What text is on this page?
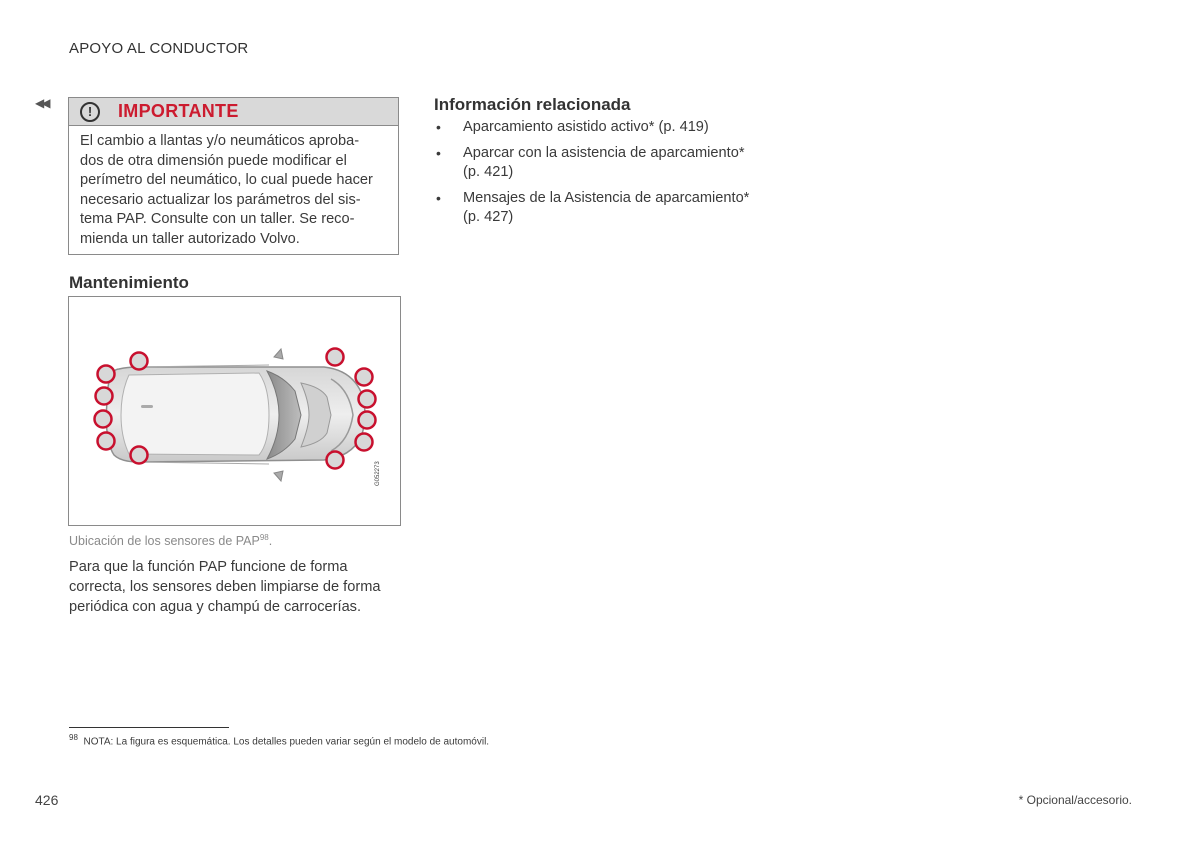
APOYO AL CONDUCTOR
◀◀
!	IMPORTANTE
El cambio a llantas y/o neumáticos aproba-
dos de otra dimensión puede modificar el
perímetro del neumático, lo cual puede hacer
necesario actualizar los parámetros del sis-
tema PAP. Consulte con un taller. Se reco-
mienda un taller autorizado Volvo.
Mantenimiento
G052273
Ubicación de los sensores de PAP$^{98}$.
Para que la función PAP funcione de forma
correcta, los sensores deben limpiarse de forma
periódica con agua y champú de carrocerías.
Información relacionada
• Aparcamiento asistido activo* (p. 419)
• Aparcar con la asistencia de aparcamiento*
(p. 421)
• Mensajes de la Asistencia de aparcamiento*
(p. 427)
$^{98}$ NOTA: La figura es esquemática. Los detalles pueden variar según el modelo de automóvil.
426	* Opcional/accesorio.
